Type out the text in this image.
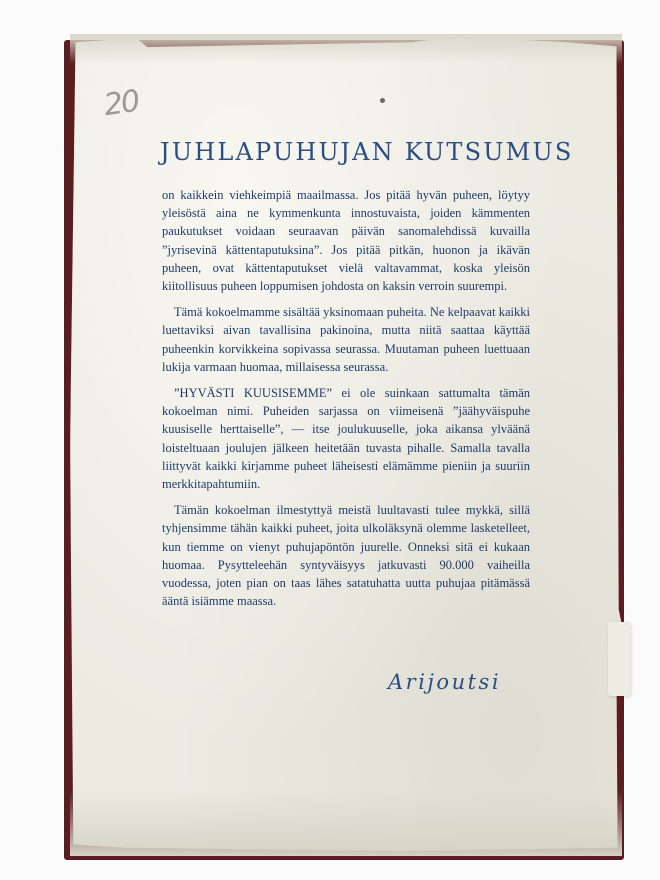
20
JUHLAPUHUJAN KUTSUMUS

on kaikkein viehkeimpiä maailmassa. Jos pitää hyvän puheen, löytyy yleisöstä aina ne kymmenkunta innostuvaista, joiden kämmenten paukutukset voidaan seuraavan päivän sanomalehdissä kuvailla ”jyrisevinä kättentaputuksina”. Jos pitää pitkän, huonon ja ikävän puheen, ovat kättentaputukset vielä valtavammat, koska yleisön kiitollisuus puheen loppumisen johdosta on kaksin verroin suurempi.

Tämä kokoelmamme sisältää yksinomaan puheita. Ne kelpaavat kaikki luettaviksi aivan tavallisina pakinoina, mutta niitä saattaa käyttää puheenkin korvikkeina sopivassa seurassa. Muutaman puheen luettuaan lukija varmaan huomaa, millaisessa seurassa.

”HYVÄSTI KUUSISEMME” ei ole suinkaan sattumalta tämän kokoelman nimi. Puheiden sarjassa on viimeisenä ”jäähyväispuhe kuusiselle herttaiselle”, — itse joulukuuselle, joka aikansa ylväänä loisteltuaan joulujen jälkeen heitetään tuvasta pihalle. Samalla tavalla liittyvät kaikki kirjamme puheet läheisesti elämämme pieniin ja suuriin merkkitapahtumiin.

Tämän kokoelman ilmestyttyä meistä luultavasti tulee mykkä, sillä tyhjensimme tähän kaikki puheet, joita ulkoläksynä olemme lasketelleet, kun tiemme on vienyt puhujapöntön juurelle. Onneksi sitä ei kukaan huomaa. Pysytteleehän syntyväisyys jatkuvasti 90.000 vaiheilla vuodessa, joten pian on taas lähes satatuhatta uutta puhujaa pitämässä ääntä isiämme maassa.

Arijoutsi
